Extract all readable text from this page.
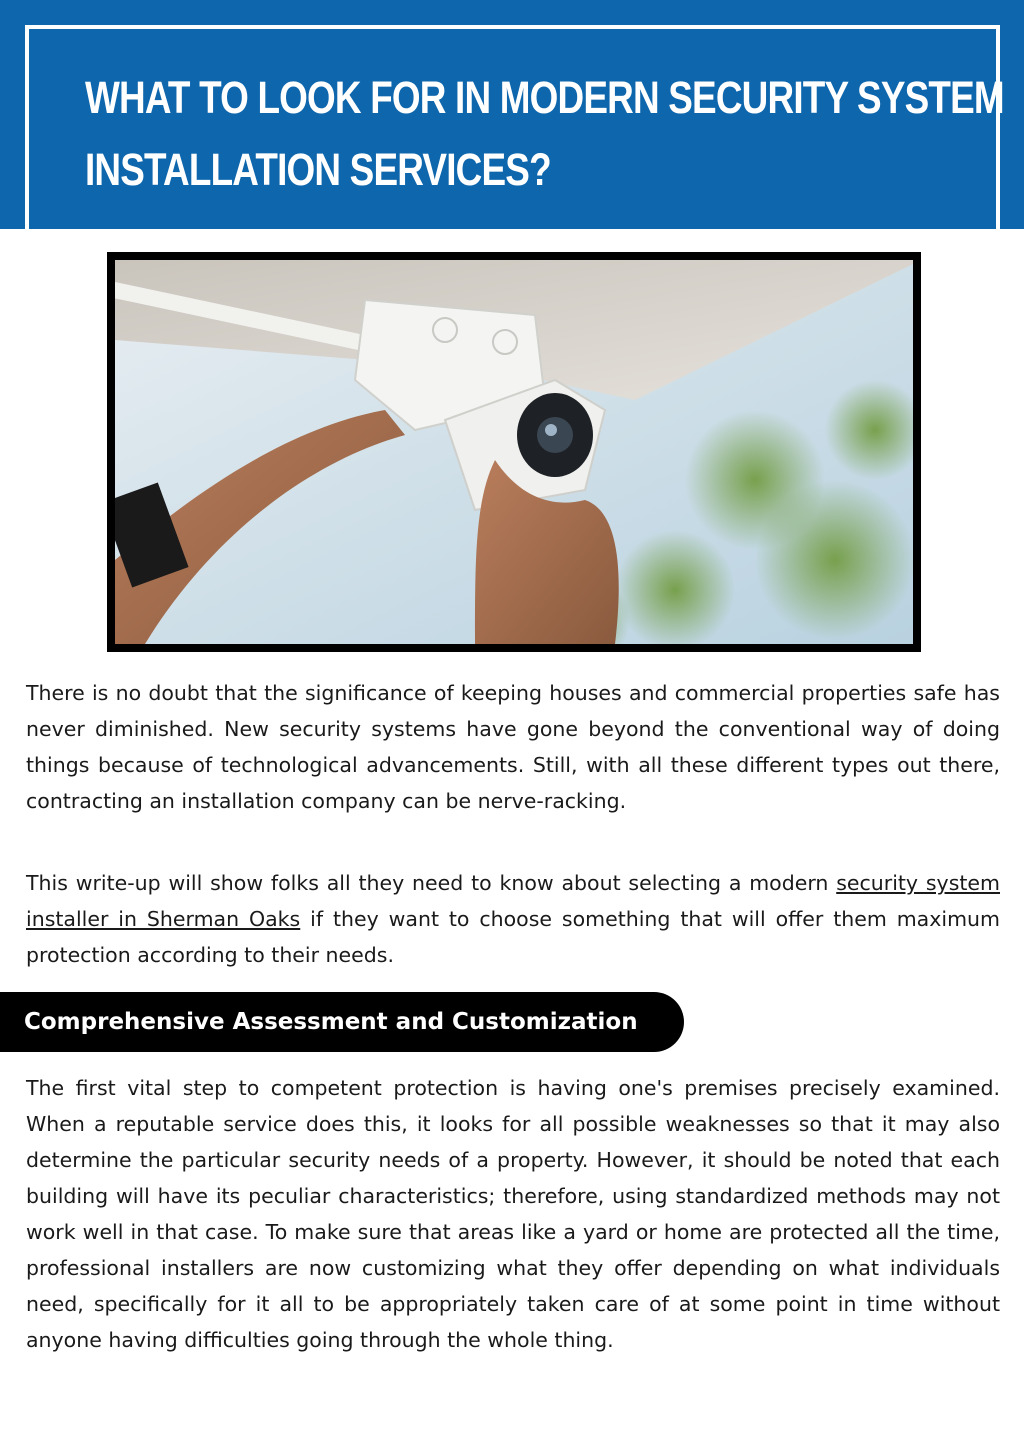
WHAT TO LOOK FOR IN MODERN SECURITY SYSTEM
INSTALLATION SERVICES?

There is no doubt that the significance of keeping houses and commercial properties safe has never diminished. New security systems have gone beyond the conventional way of doing things because of technological advancements. Still, with all these different types out there, contracting an installation company can be nerve-racking.

This write-up will show folks all they need to know about selecting a modern security system installer in Sherman Oaks if they want to choose something that will offer them maximum protection according to their needs.

Comprehensive Assessment and Customization

The first vital step to competent protection is having one's premises precisely examined. When a reputable service does this, it looks for all possible weaknesses so that it may also determine the particular security needs of a property. However, it should be noted that each building will have its peculiar characteristics; therefore, using standardized methods may not work well in that case. To make sure that areas like a yard or home are protected all the time, professional installers are now customizing what they offer depending on what individuals need, specifically for it all to be appropriately taken care of at some point in time without anyone having difficulties going through the whole thing.
